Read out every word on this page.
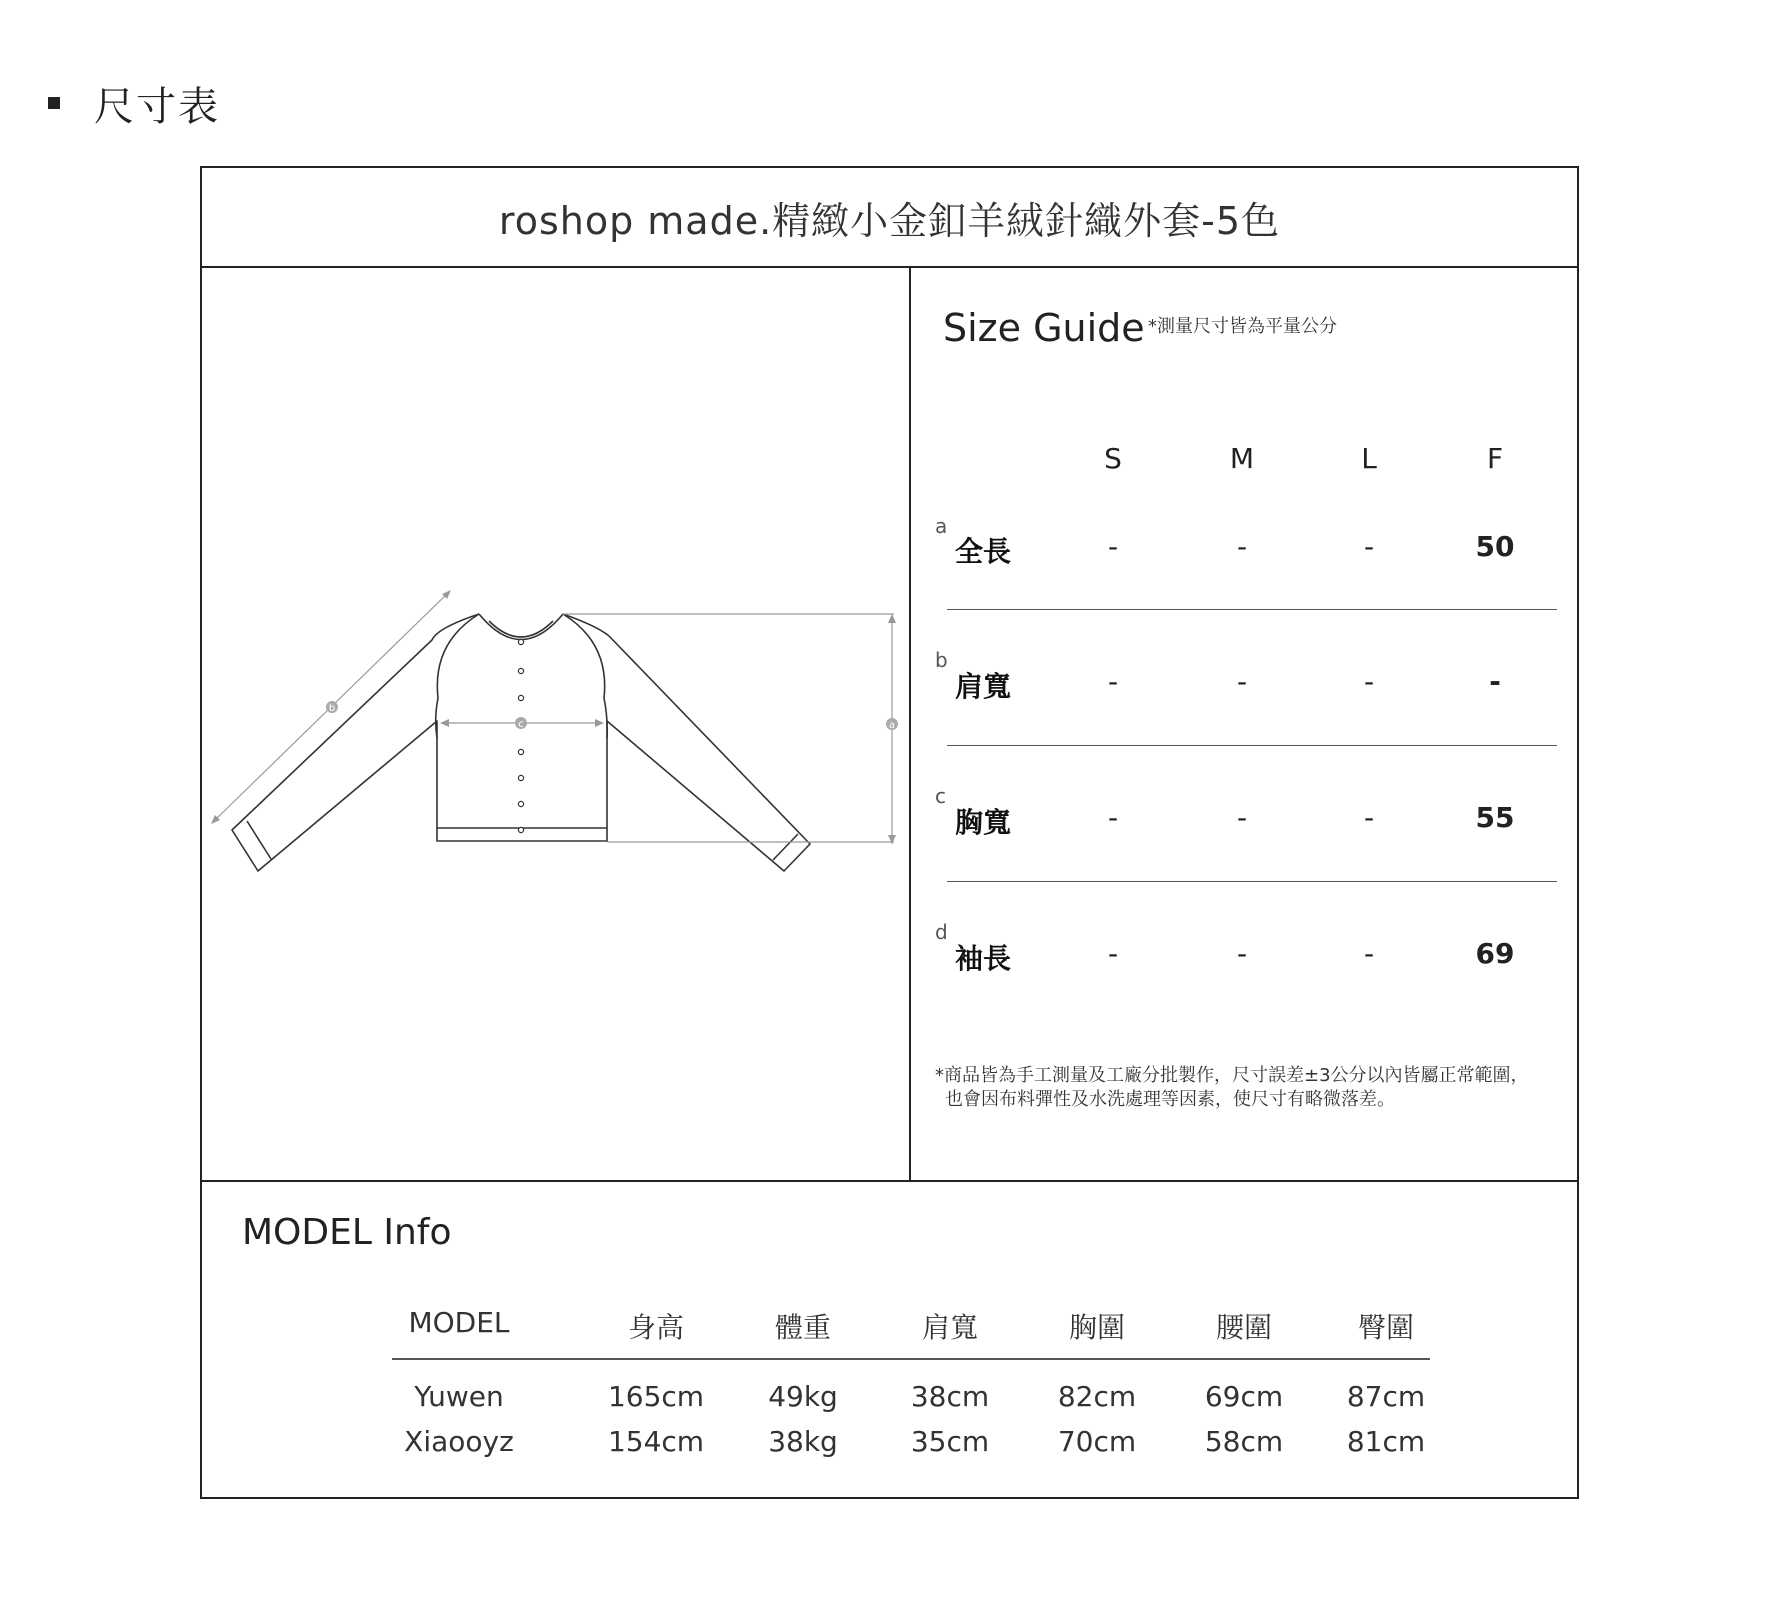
尺寸表
roshop made.精緻小金釦羊絨針織外套-5色
b
c	a
Size Guide *測量尺寸皆為平量公分
S	M	L	F
a
全長	-	-	-	50
b
肩寬	-	-	-	-
c
胸寬	-	-	-	55
d
袖長	-	-	-	69
*商品皆為手工測量及工廠分批製作，尺寸誤差±3公分以內皆屬正常範圍，
也會因布料彈性及水洗處理等因素，使尺寸有略微落差。
MODEL Info
MODEL	身高	體重	肩寬	胸圍	腰圍	臀圍
Yuwen	165cm	49kg	38cm	82cm	69cm	87cm
Xiaooyz	154cm	38kg	35cm	70cm	58cm	81cm
